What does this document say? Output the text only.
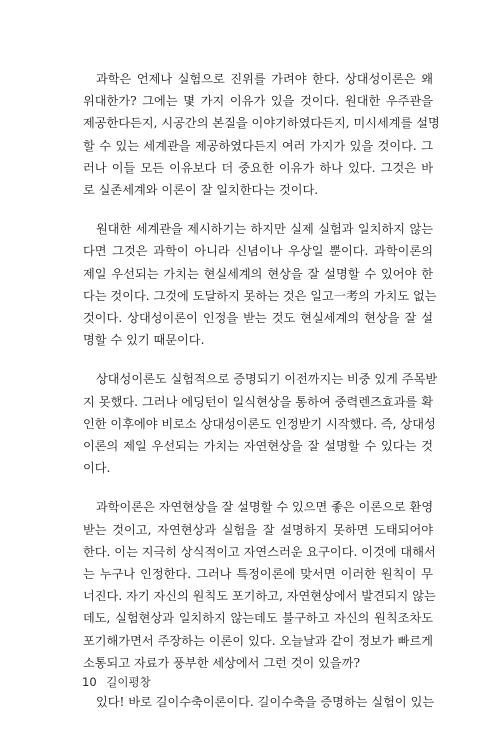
과학은 언제나 실험으로 진위를 가려야 한다. 상대성이론은 왜
위대한가? 그에는 몇 가지 이유가 있을 것이다. 원대한 우주관을
제공한다든지, 시공간의 본질을 이야기하였다든지, 미시세계를 설명
할 수 있는 세계관을 제공하였다든지 여러 가지가 있을 것이다. 그
러나 이들 모든 이유보다 더 중요한 이유가 하나 있다. 그것은 바
로 실존세계와 이론이 잘 일치한다는 것이다.
원대한 세계관을 제시하기는 하지만 실제 실험과 일치하지 않는
다면 그것은 과학이 아니라 신념이나 우상일 뿐이다. 과학이론의
제일 우선되는 가치는 현실세계의 현상을 잘 설명할 수 있어야 한
다는 것이다. 그것에 도달하지 못하는 것은 일고一考의 가치도 없는
것이다. 상대성이론이 인정을 받는 것도 현실세계의 현상을 잘 설
명할 수 있기 때문이다.
상대성이론도 실험적으로 증명되기 이전까지는 비중 있게 주목받
지 못했다. 그러나 에딩턴이 일식현상을 통하여 중력렌즈효과를 확
인한 이후에야 비로소 상대성이론도 인정받기 시작했다. 즉, 상대성
이론의 제일 우선되는 가치는 자연현상을 잘 설명할 수 있다는 것
이다.
과학이론은 자연현상을 잘 설명할 수 있으면 좋은 이론으로 환영
받는 것이고, 자연현상과 실험을 잘 설명하지 못하면 도태되어야
한다. 이는 지극히 상식적이고 자연스러운 요구이다. 이것에 대해서
는 누구나 인정한다. 그러나 특정이론에 맞서면 이러한 원칙이 무
너진다. 자기 자신의 원칙도 포기하고, 자연현상에서 발견되지 않는
데도, 실험현상과 일치하지 않는데도 불구하고 자신의 원칙조차도
포기해가면서 주장하는 이론이 있다. 오늘날과 같이 정보가 빠르게
소통되고 자료가 풍부한 세상에서 그런 것이 있을까?
있다! 바로 길이수축이론이다. 길이수축을 증명하는 실험이 있는
10 길이평창
